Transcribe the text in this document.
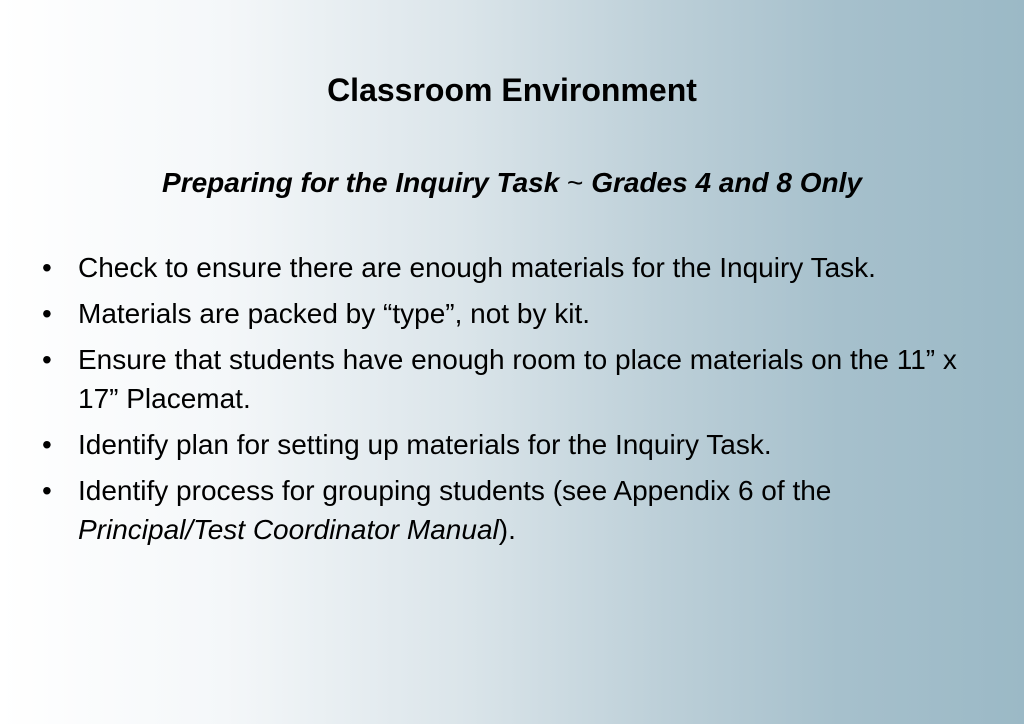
Classroom Environment
Preparing for the Inquiry Task ~ Grades 4 and 8 Only
• Check to ensure there are enough materials for the Inquiry Task.
• Materials are packed by “type”, not by kit.
• Ensure that students have enough room to place materials on the 11” x 17” Placemat.
• Identify plan for setting up materials for the Inquiry Task.
• Identify process for grouping students (see Appendix 6 of the Principal/Test Coordinator Manual).
